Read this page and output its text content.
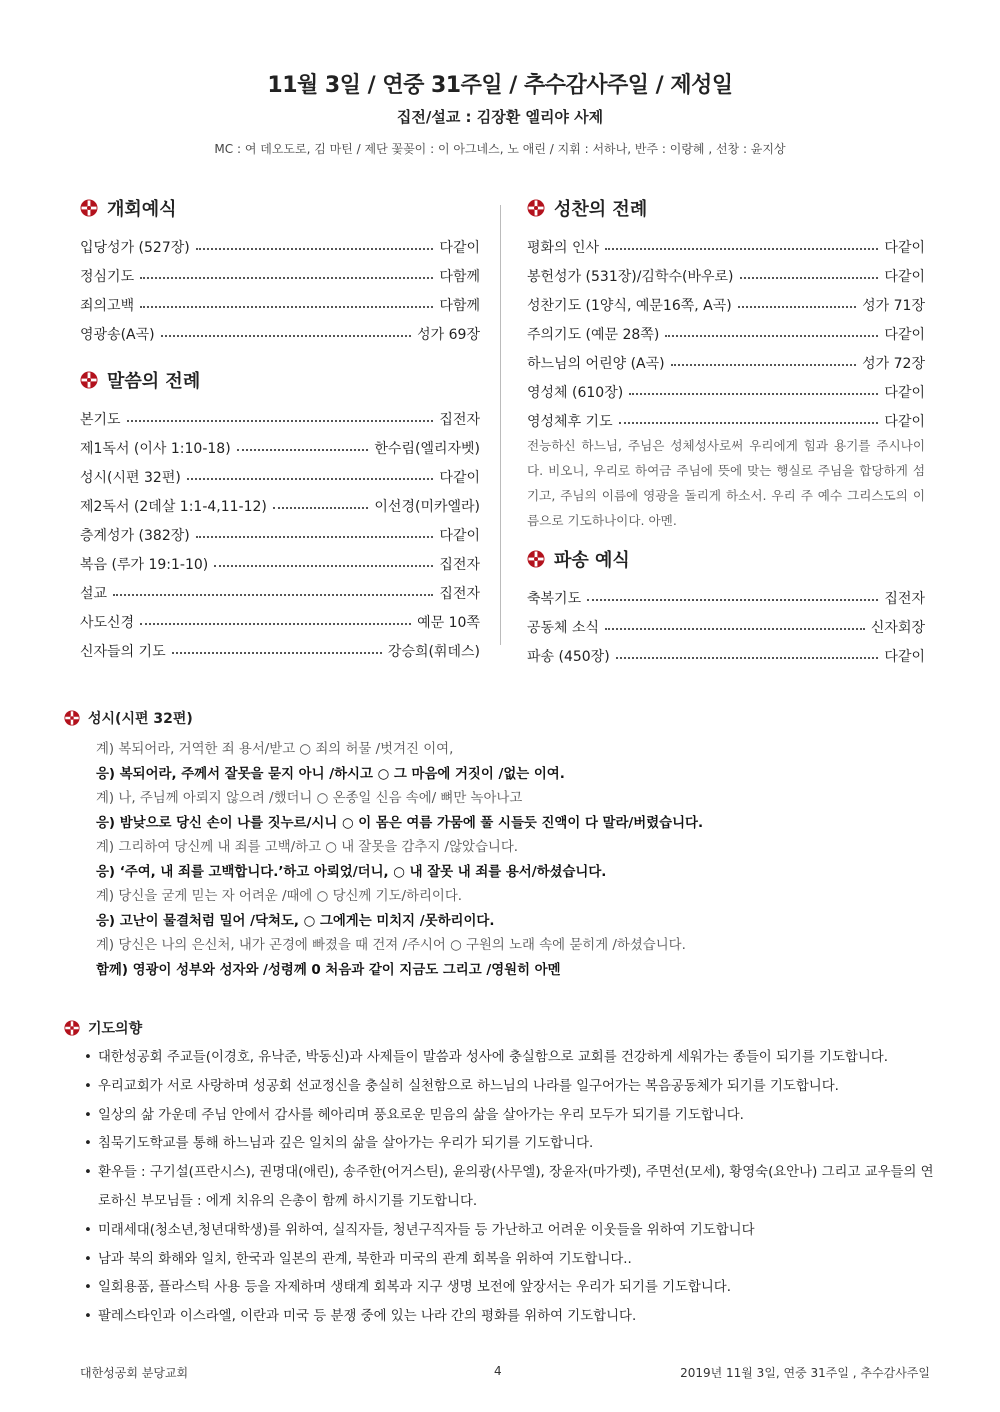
11월 3일 / 연중 31주일 / 추수감사주일 / 제성일
집전/설교 : 김장환 엘리야 사제
MC : 여 데오도로, 김 마틴 / 제단 꽃꽂이 : 이 아그네스, 노 애린 / 지휘 : 서하나, 반주 : 이랑혜 , 선창 : 윤지상
개회예식
입당성가 (527장)	다같이
정심기도	다함께
죄의고백	다함께
영광송(A곡)	성가 69장
말씀의 전례
본기도	집전자
제1독서 (이사 1:10-18)	한수림(엘리자벳)
성시(시편 32편)	다같이
제2독서 (2데살 1:1-4,11-12)	이선경(미카엘라)
층계성가 (382장)	다같이
복음 (루가 19:1-10)	집전자
설교	집전자
사도신경	예문 10쪽
신자들의 기도	강승희(휘데스)
성찬의 전례
평화의 인사	다같이
봉헌성가 (531장)/김학수(바우로)	다같이
성찬기도 (1양식, 예문16쪽, A곡)	성가 71장
주의기도 (예문 28쪽)	다같이
하느님의 어린양 (A곡)	성가 72장
영성체 (610장)	다같이
영성체후 기도	다같이
전능하신 하느님, 주님은 성체성사로써 우리에게 힘과 용기를 주시나이다. 비오니, 우리로 하여금 주님에 뜻에 맞는 행실로 주님을 합당하게 섬기고, 주님의 이름에 영광을 돌리게 하소서. 우리 주 예수 그리스도의 이름으로 기도하나이다. 아멘.
파송 예식
축복기도	집전자
공동체 소식	신자회장
파송 (450장)	다같이
성시(시편 32편)
계) 복되어라, 거역한 죄 용서/받고 ○ 죄의 허물 /벗겨진 이여,
응) 복되어라, 주께서 잘못을 묻지 아니 /하시고 ○ 그 마음에 거짓이 /없는 이여.
계) 나, 주님께 아뢰지 않으려 /했더니 ○ 온종일 신음 속에/ 뼈만 녹아나고
응) 밤낮으로 당신 손이 나를 짓누르/시니 ○ 이 몸은 여름 가뭄에 풀 시들듯 진액이 다 말라/버렸습니다.
계) 그리하여 당신께 내 죄를 고백/하고 ○ 내 잘못을 감추지 /않았습니다.
응) ‘주여, 내 죄를 고백합니다.’하고 아뢰었/더니, ○ 내 잘못 내 죄를 용서/하셨습니다.
계) 당신을 굳게 믿는 자 어려운 /때에 ○ 당신께 기도/하리이다.
응) 고난이 물결처럼 밀어 /닥쳐도, ○ 그에게는 미치지 /못하리이다.
계) 당신은 나의 은신처, 내가 곤경에 빠졌을 때 건져 /주시어 ○ 구원의 노래 속에 묻히게 /하셨습니다.
함께) 영광이 성부와 성자와 /성령께 0 처음과 같이 지금도 그리고 /영원히 아멘
기도의향
• 대한성공회 주교들(이경호, 유낙준, 박동신)과 사제들이 말씀과 성사에 충실함으로 교회를 건강하게 세워가는 종들이 되기를 기도합니다.
• 우리교회가 서로 사랑하며 성공회 선교정신을 충실히 실천함으로 하느님의 나라를 일구어가는 복음공동체가 되기를 기도합니다.
• 일상의 삶 가운데 주님 안에서 감사를 헤아리며 풍요로운 믿음의 삶을 살아가는 우리 모두가 되기를 기도합니다.
• 침묵기도학교를 통해 하느님과 깊은 일치의 삶을 살아가는 우리가 되기를 기도합니다.
• 환우들 : 구기설(프란시스), 권명대(애린), 송주한(어거스틴), 윤의광(사무엘), 장윤자(마가렛), 주면선(모세), 황영숙(요안나) 그리고 교우들의 연로하신 부모님들 : 에게 치유의 은총이 함께 하시기를 기도합니다.
• 미래세대(청소년,청년대학생)를 위하여, 실직자들, 청년구직자들 등 가난하고 어려운 이웃들을 위하여 기도합니다
• 남과 북의 화해와 일치, 한국과 일본의 관계, 북한과 미국의 관계 회복을 위하여 기도합니다..
• 일회용품, 플라스틱 사용 등을 자제하며 생태계 회복과 지구 생명 보전에 앞장서는 우리가 되기를 기도합니다.
• 팔레스타인과 이스라엘, 이란과 미국 등 분쟁 중에 있는 나라 간의 평화를 위하여 기도합니다.
대한성공회 분당교회	4	2019년 11월 3일, 연중 31주일 , 추수감사주일
